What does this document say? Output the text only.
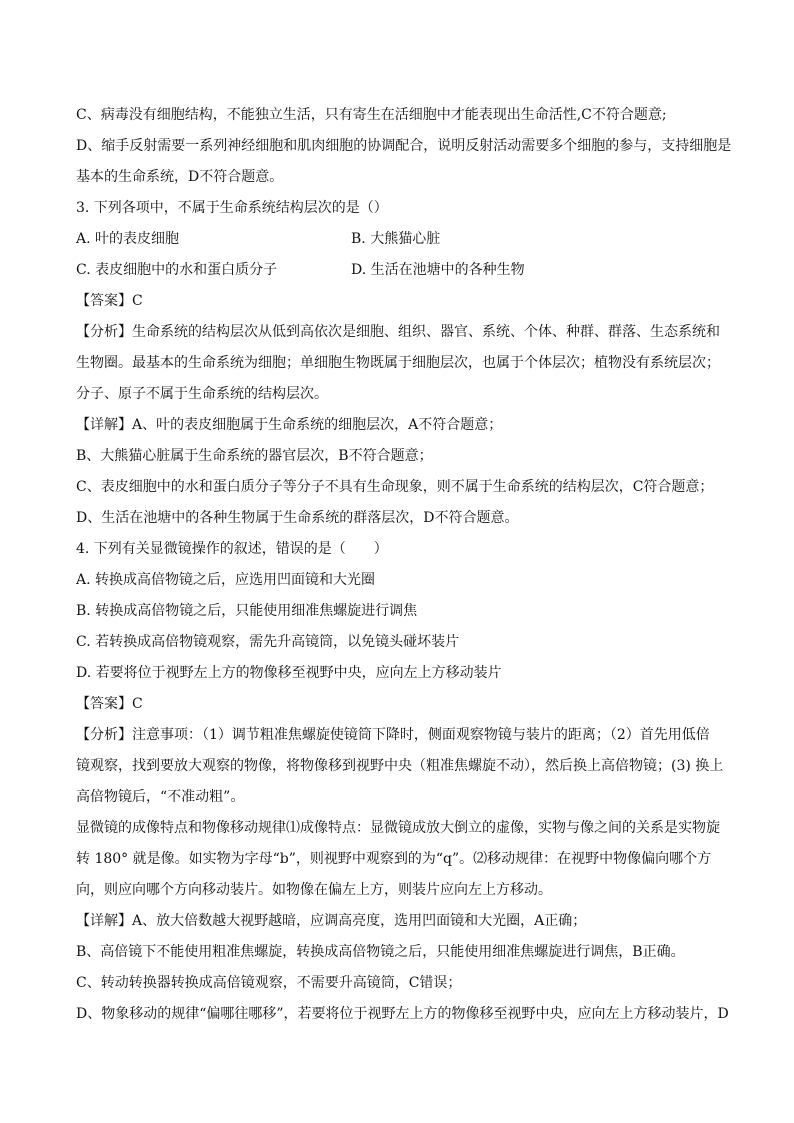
C、病毒没有细胞结构，不能独立生活，只有寄生在活细胞中才能表现出生命活性,C不符合题意;
D、缩手反射需要一系列神经细胞和肌肉细胞的协调配合，说明反射活动需要多个细胞的参与，支持细胞是
基本的生命系统，D不符合题意。
3. 下列各项中，不属于生命系统结构层次的是（）
A. 叶的表皮细胞	B. 大熊猫心脏
C. 表皮细胞中的水和蛋白质分子	D. 生活在池塘中的各种生物
【答案】C
【分析】生命系统的结构层次从低到高依次是细胞、组织、器官、系统、个体、种群、群落、生态系统和
生物圈。最基本的生命系统为细胞；单细胞生物既属于细胞层次，也属于个体层次；植物没有系统层次；
分子、原子不属于生命系统的结构层次。
【详解】A、叶的表皮细胞属于生命系统的细胞层次，A不符合题意；
B、大熊猫心脏属于生命系统的器官层次，B不符合题意；
C、表皮细胞中的水和蛋白质分子等分子不具有生命现象，则不属于生命系统的结构层次，C符合题意；
D、生活在池塘中的各种生物属于生命系统的群落层次，D不符合题意。
4. 下列有关显微镜操作的叙述，错误的是（　　）
A. 转换成高倍物镜之后，应选用凹面镜和大光圈
B. 转换成高倍物镜之后，只能使用细准焦螺旋进行调焦
C. 若转换成高倍物镜观察，需先升高镜筒，以免镜头碰坏装片
D. 若要将位于视野左上方的物像移至视野中央，应向左上方移动装片
【答案】C
【分析】注意事项：（1）调节粗准焦螺旋使镜筒下降时，侧面观察物镜与装片的距离；（2）首先用低倍
镜观察，找到要放大观察的物像，将物像移到视野中央（粗准焦螺旋不动），然后换上高倍物镜；(3) 换上
高倍物镜后，“不准动粗”。
显微镜的成像特点和物像移动规律⑴成像特点：显微镜成放大倒立的虚像，实物与像之间的关系是实物旋
转 180° 就是像。如实物为字母“b”，则视野中观察到的为“q”。⑵移动规律：在视野中物像偏向哪个方
向，则应向哪个方向移动装片。如物像在偏左上方，则装片应向左上方移动。
【详解】A、放大倍数越大视野越暗，应调高亮度，选用凹面镜和大光圈，A正确；
B、高倍镜下不能使用粗准焦螺旋，转换成高倍物镜之后，只能使用细准焦螺旋进行调焦，B正确。
C、转动转换器转换成高倍镜观察，不需要升高镜筒，C错误；
D、物象移动的规律“偏哪往哪移”，若要将位于视野左上方的物像移至视野中央，应向左上方移动装片，D
